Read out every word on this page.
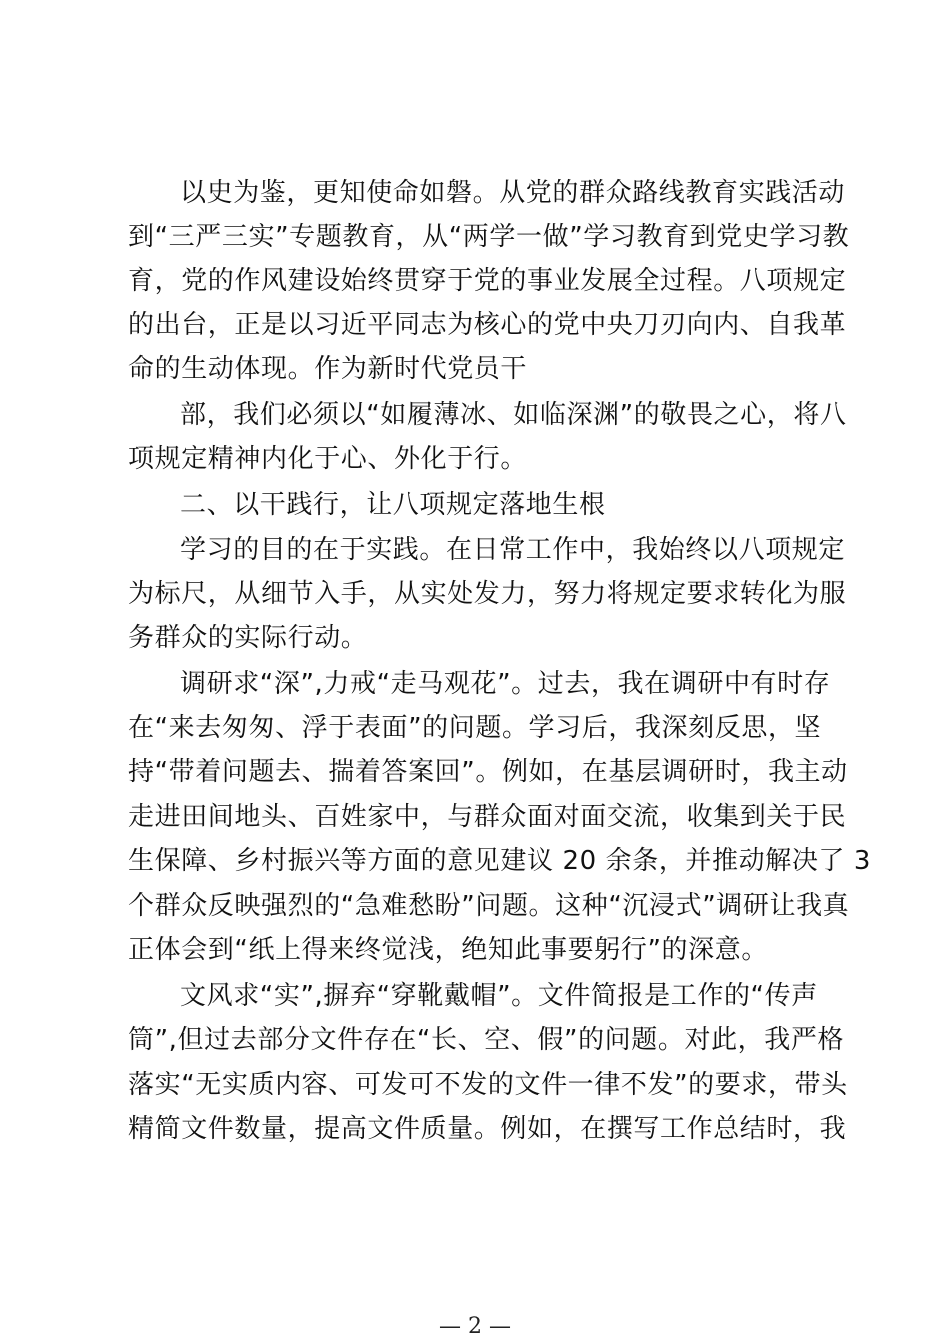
以史为鉴，更知使命如磐。从党的群众路线教育实践活动
到“三严三实”专题教育，从“两学一做”学习教育到党史学习教
育，党的作风建设始终贯穿于党的事业发展全过程。八项规定
的出台，正是以习近平同志为核心的党中央刀刃向内、自我革
命的生动体现。作为新时代党员干
部，我们必须以“如履薄冰、如临深渊”的敬畏之心，将八
项规定精神内化于心、外化于行。
二、以干践行，让八项规定落地生根
学习的目的在于实践。在日常工作中，我始终以八项规定
为标尺，从细节入手，从实处发力，努力将规定要求转化为服
务群众的实际行动。
调研求“深”,力戒“走马观花”。过去，我在调研中有时存
在“来去匆匆、浮于表面”的问题。学习后，我深刻反思，坚
持“带着问题去、揣着答案回”。例如，在基层调研时，我主动
走进田间地头、百姓家中，与群众面对面交流，收集到关于民
生保障、乡村振兴等方面的意见建议 20 余条，并推动解决了 3
个群众反映强烈的“急难愁盼”问题。这种“沉浸式”调研让我真
正体会到“纸上得来终觉浅，绝知此事要躬行”的深意。
文风求“实”,摒弃“穿靴戴帽”。文件简报是工作的“传声
筒”,但过去部分文件存在“长、空、假”的问题。对此，我严格
落实“无实质内容、可发可不发的文件一律不发”的要求，带头
精简文件数量，提高文件质量。例如，在撰写工作总结时，我
— 2 —
